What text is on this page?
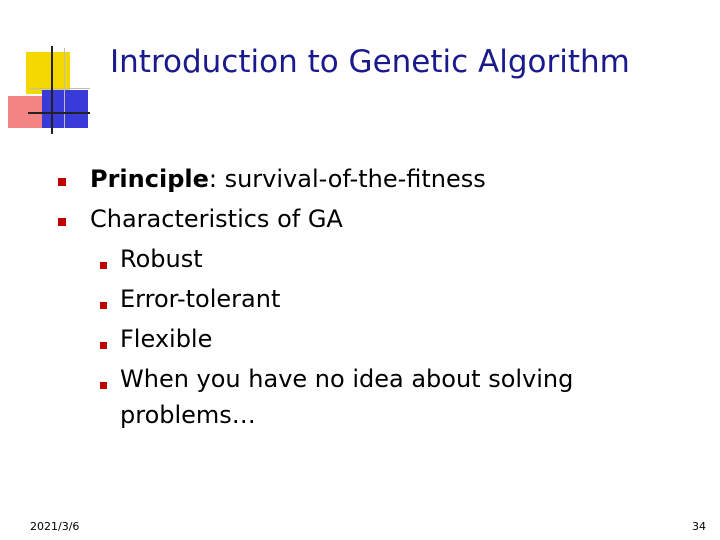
Introduction to Genetic Algorithm
Principle: survival-of-the-fitness
Characteristics of GA
Robust
Error-tolerant
Flexible
When you have no idea about solving
problems…
2021/3/6	34
